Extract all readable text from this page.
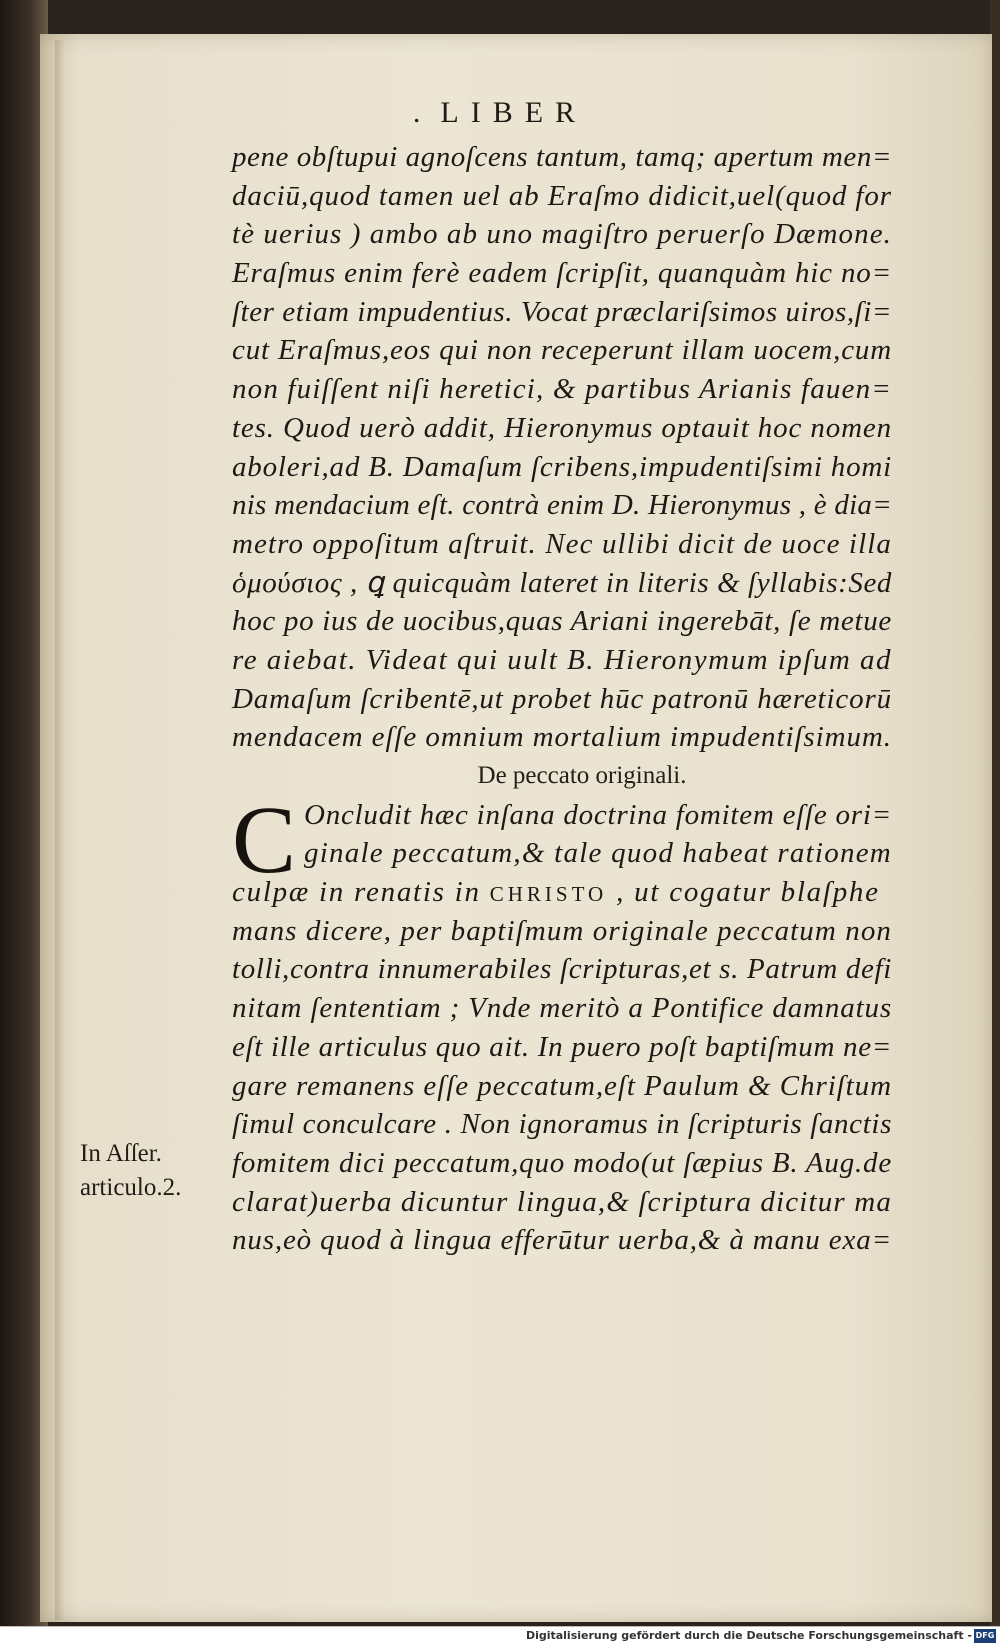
. LIBER
pene obſtupui agnoſcens tantum, tamq; apertum men=
daciū,quod tamen uel ab Eraſmo didicit,uel(quod for
tè uerius ) ambo ab uno magiſtro peruerſo Dæmone.
Eraſmus enim ferè eadem ſcripſit, quanquàm hic no=
ſter etiam impudentius. Vocat præclariſsimos uiros,ſi=
cut Eraſmus,eos qui non receperunt illam uocem,cum
non fuiſſent niſi heretici, & partibus Arianis fauen=
tes. Quod uerò addit, Hieronymus optauit hoc nomen
aboleri,ad B. Damaſum ſcribens,impudentiſsimi homi
nis mendacium eſt. contrà enim D. Hieronymus , è dia=
metro oppoſitum aſtruit. Nec ullibi dicit de uoce illa
ὁμούσιος , ꝗ quicquàm lateret in literis & ſyllabis:Sed
hoc po ius de uocibus,quas Ariani ingerebāt, ſe metue
re aiebat. Videat qui uult B. Hieronymum ipſum ad
Damaſum ſcribentē,ut probet hūc patronū hæreticorū
mendacem eſſe omnium mortalium impudentiſsimum.
De peccato originali.
C Oncludit hæc inſana doctrina fomitem eſſe ori=
ginale peccatum,& tale quod habeat rationem
culpæ in renatis in CHRISTO , ut cogatur blaſphe
mans dicere, per baptiſmum originale peccatum non
tolli,contra innumerabiles ſcripturas,et s. Patrum defi
nitam ſententiam ; Vnde meritò a Pontifice damnatus
eſt ille articulus quo ait. In puero poſt baptiſmum ne=
gare remanens eſſe peccatum,eſt Paulum & Chriſtum
ſimul conculcare . Non ignoramus in ſcripturis ſanctis
fomitem dici peccatum,quo modo(ut ſæpius B. Aug.de
clarat)uerba dicuntur lingua,& ſcriptura dicitur ma
nus,eò quod à lingua efferūtur uerba,& à manu exa=
In Aſſer.
articulo.2.
Digitalisierung gefördert durch die Deutsche Forschungsgemeinschaft - DFG
